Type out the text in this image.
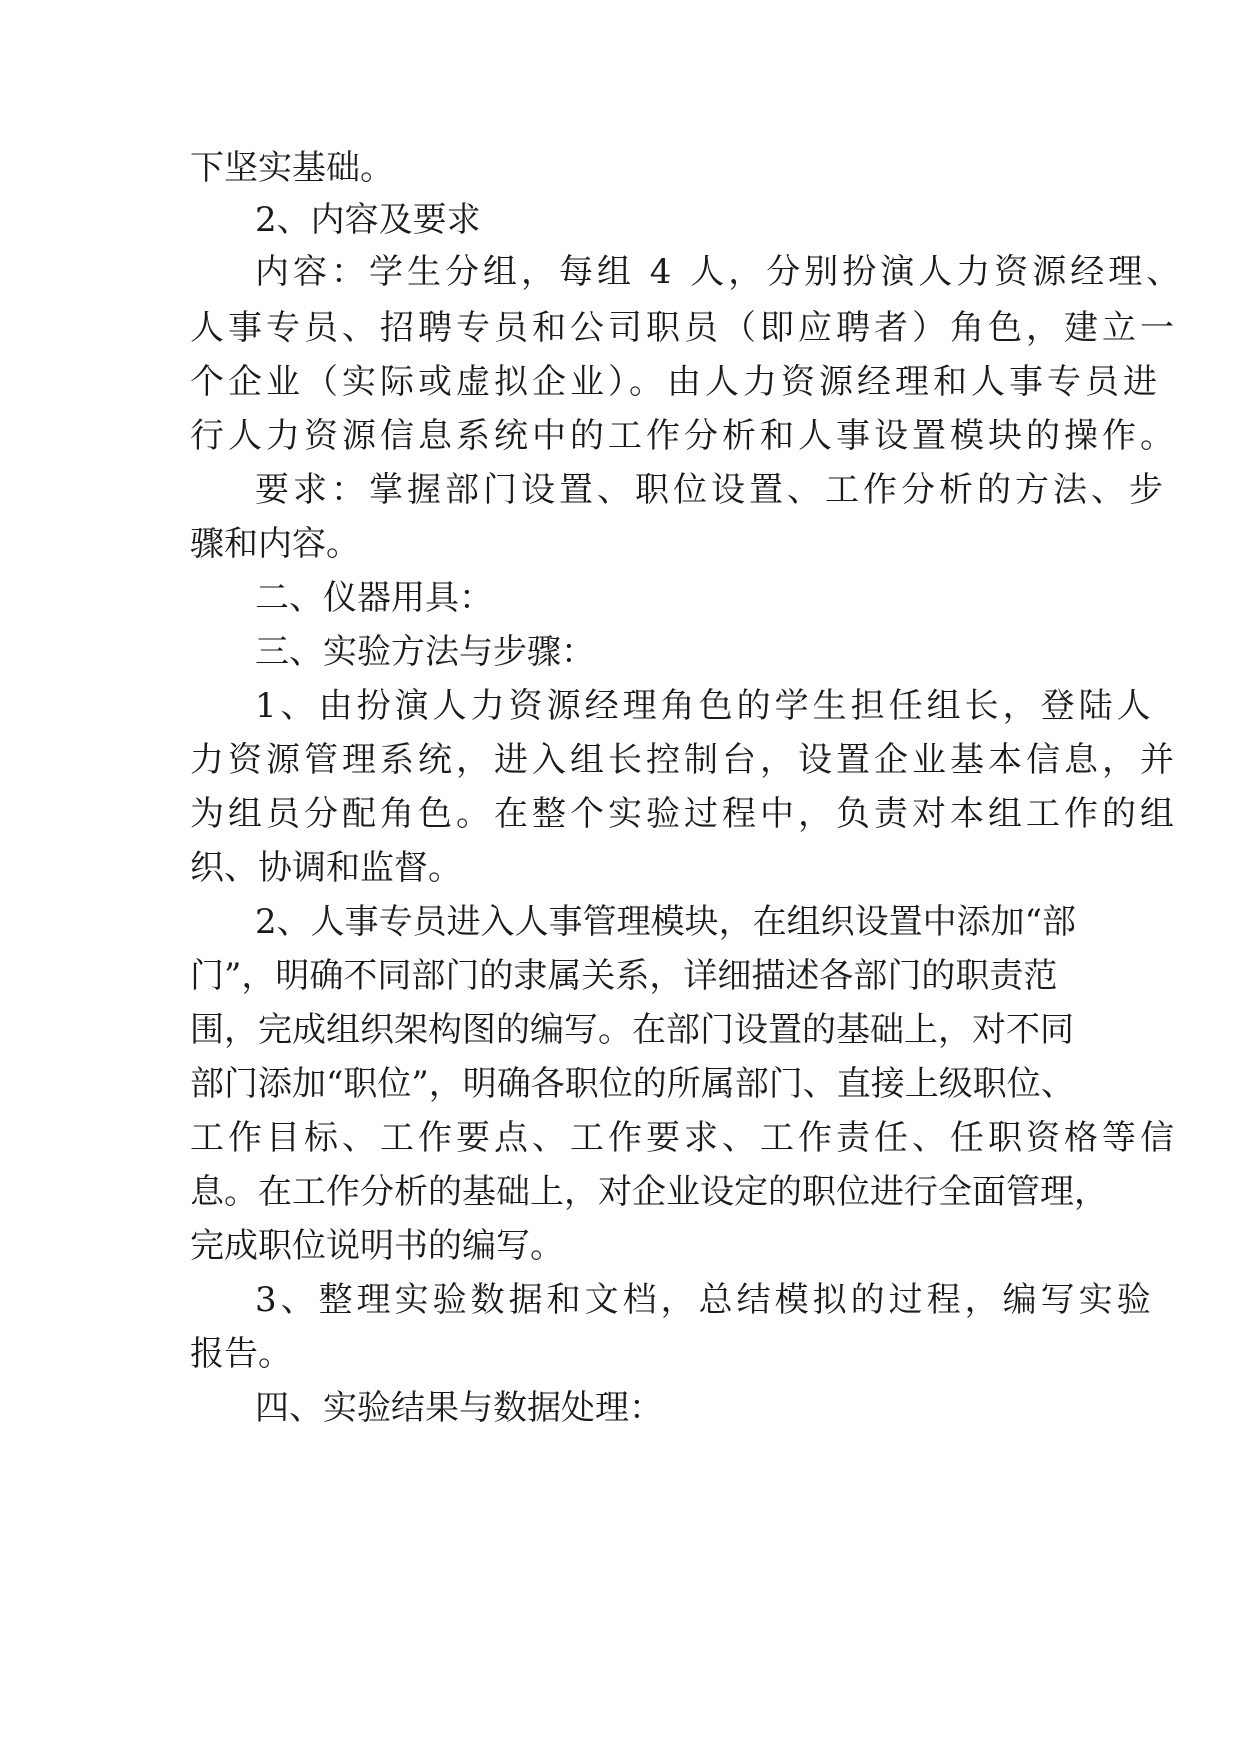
下坚实基础。
2、内容及要求
内容：学生分组，每组 4 人，分别扮演人力资源经理、
人事专员、招聘专员和公司职员（即应聘者）角色，建立一
个企业（实际或虚拟企业）。由人力资源经理和人事专员进
行人力资源信息系统中的工作分析和人事设置模块的操作。
要求：掌握部门设置、职位设置、工作分析的方法、步
骤和内容。
二、仪器用具：
三、实验方法与步骤：
1、由扮演人力资源经理角色的学生担任组长，登陆人
力资源管理系统，进入组长控制台，设置企业基本信息，并
为组员分配角色。在整个实验过程中，负责对本组工作的组
织、协调和监督。
2、人事专员进入人事管理模块，在组织设置中添加“部
门”，明确不同部门的隶属关系，详细描述各部门的职责范
围，完成组织架构图的编写。在部门设置的基础上，对不同
部门添加“职位”，明确各职位的所属部门、直接上级职位、
工作目标、工作要点、工作要求、工作责任、任职资格等信
息。在工作分析的基础上，对企业设定的职位进行全面管理，
完成职位说明书的编写。
3、整理实验数据和文档，总结模拟的过程，编写实验
报告。
四、实验结果与数据处理：
